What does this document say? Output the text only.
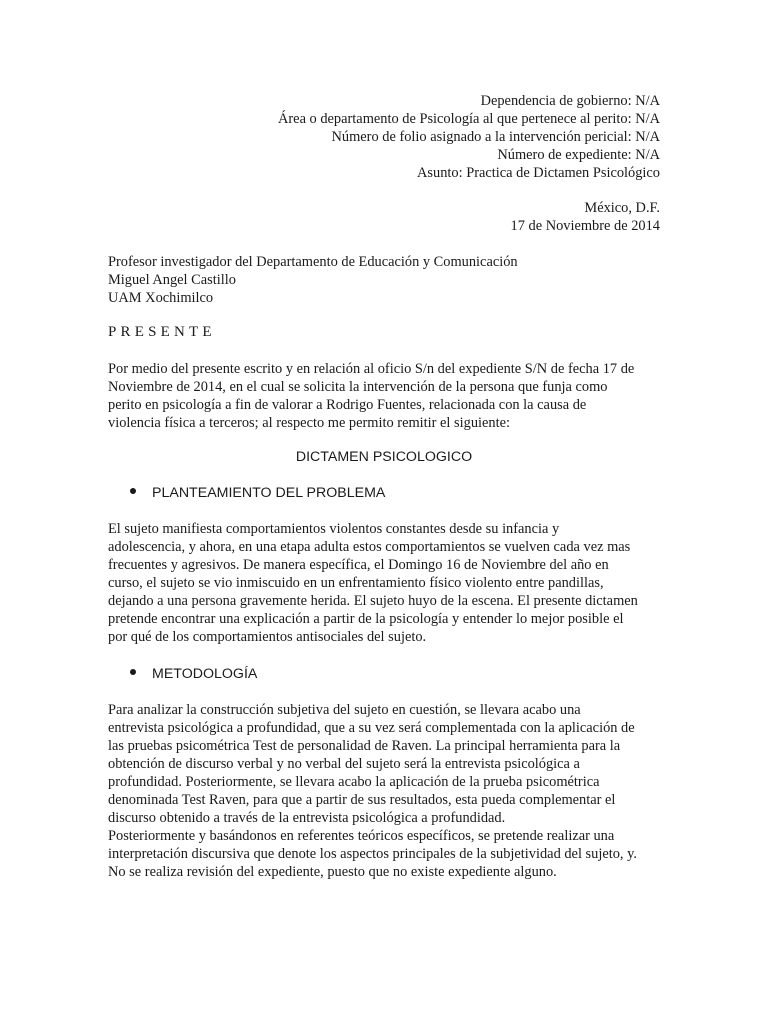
Dependencia de gobierno: N/A
Área o departamento de Psicología al que pertenece al perito: N/A
Número de folio asignado a la intervención pericial: N/A
Número de expediente: N/A
Asunto: Practica de Dictamen Psicológico
México, D.F.
17 de Noviembre de 2014
Profesor investigador del Departamento de Educación y Comunicación
Miguel Angel Castillo
UAM Xochimilco
PRESENTE
Por medio del presente escrito y en relación al oficio S/n del expediente S/N de fecha 17 de
Noviembre de 2014, en el cual se solicita la intervención de la persona que funja como
perito en psicología a fin de valorar a Rodrigo Fuentes, relacionada con la causa de
violencia física a terceros; al respecto me permito remitir el siguiente:
DICTAMEN PSICOLOGICO
PLANTEAMIENTO DEL PROBLEMA
El sujeto manifiesta comportamientos violentos constantes desde su infancia y
adolescencia, y ahora, en una etapa adulta estos comportamientos se vuelven cada vez mas
frecuentes y agresivos. De manera específica, el Domingo 16 de Noviembre del año en
curso, el sujeto se vio inmiscuido en un enfrentamiento físico violento entre pandillas,
dejando a una persona gravemente herida. El sujeto huyo de la escena. El presente dictamen
pretende encontrar una explicación a partir de la psicología y entender lo mejor posible el
por qué de los comportamientos antisociales del sujeto.
METODOLOGÍA
Para analizar la construcción subjetiva del sujeto en cuestión, se llevara acabo una
entrevista psicológica a profundidad, que a su vez será complementada con la aplicación de
las pruebas psicométrica Test de personalidad de Raven. La principal herramienta para la
obtención de discurso verbal y no verbal del sujeto será la entrevista psicológica a
profundidad. Posteriormente, se llevara acabo la aplicación de la prueba psicométrica
denominada Test Raven, para que a partir de sus resultados, esta pueda complementar el
discurso obtenido a través de la entrevista psicológica a profundidad.
Posteriormente y basándonos en referentes teóricos específicos, se pretende realizar una
interpretación discursiva que denote los aspectos principales de la subjetividad del sujeto, y.
No se realiza revisión del expediente, puesto que no existe expediente alguno.
